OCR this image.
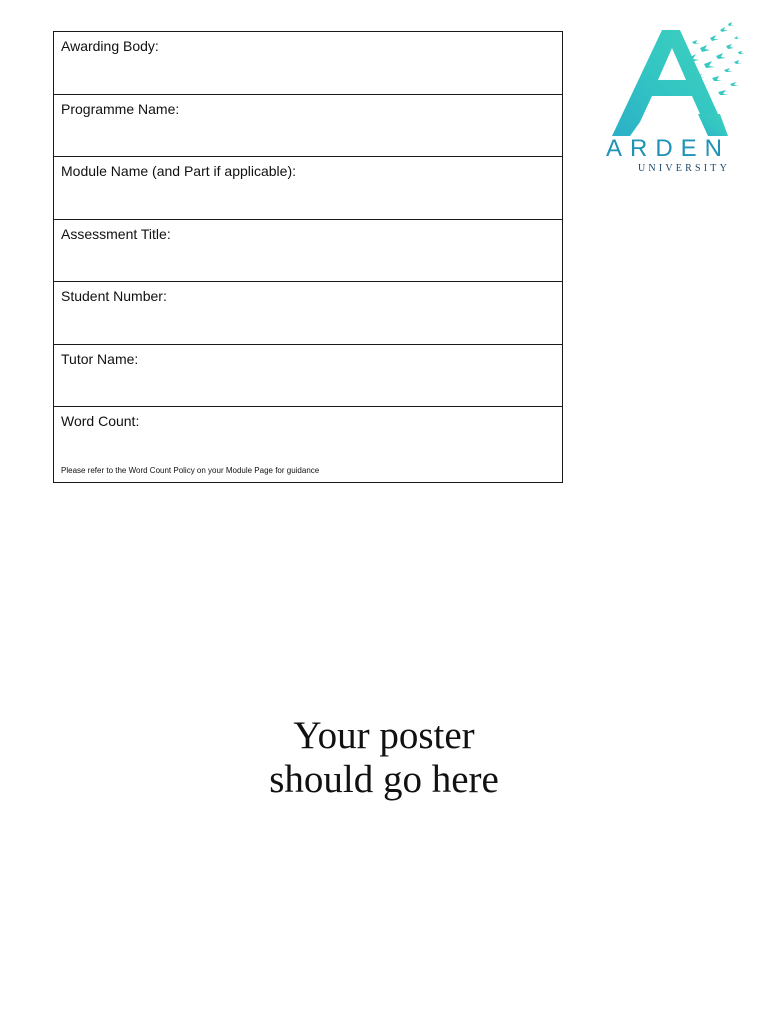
Awarding Body:
Programme Name:
Module Name (and Part if applicable):
Assessment Title:
Student Number:
Tutor Name:
Word Count:
Please refer to the Word Count Policy on your Module Page for guidance
ARDEN
UNIVERSITY
Your poster
should go here
